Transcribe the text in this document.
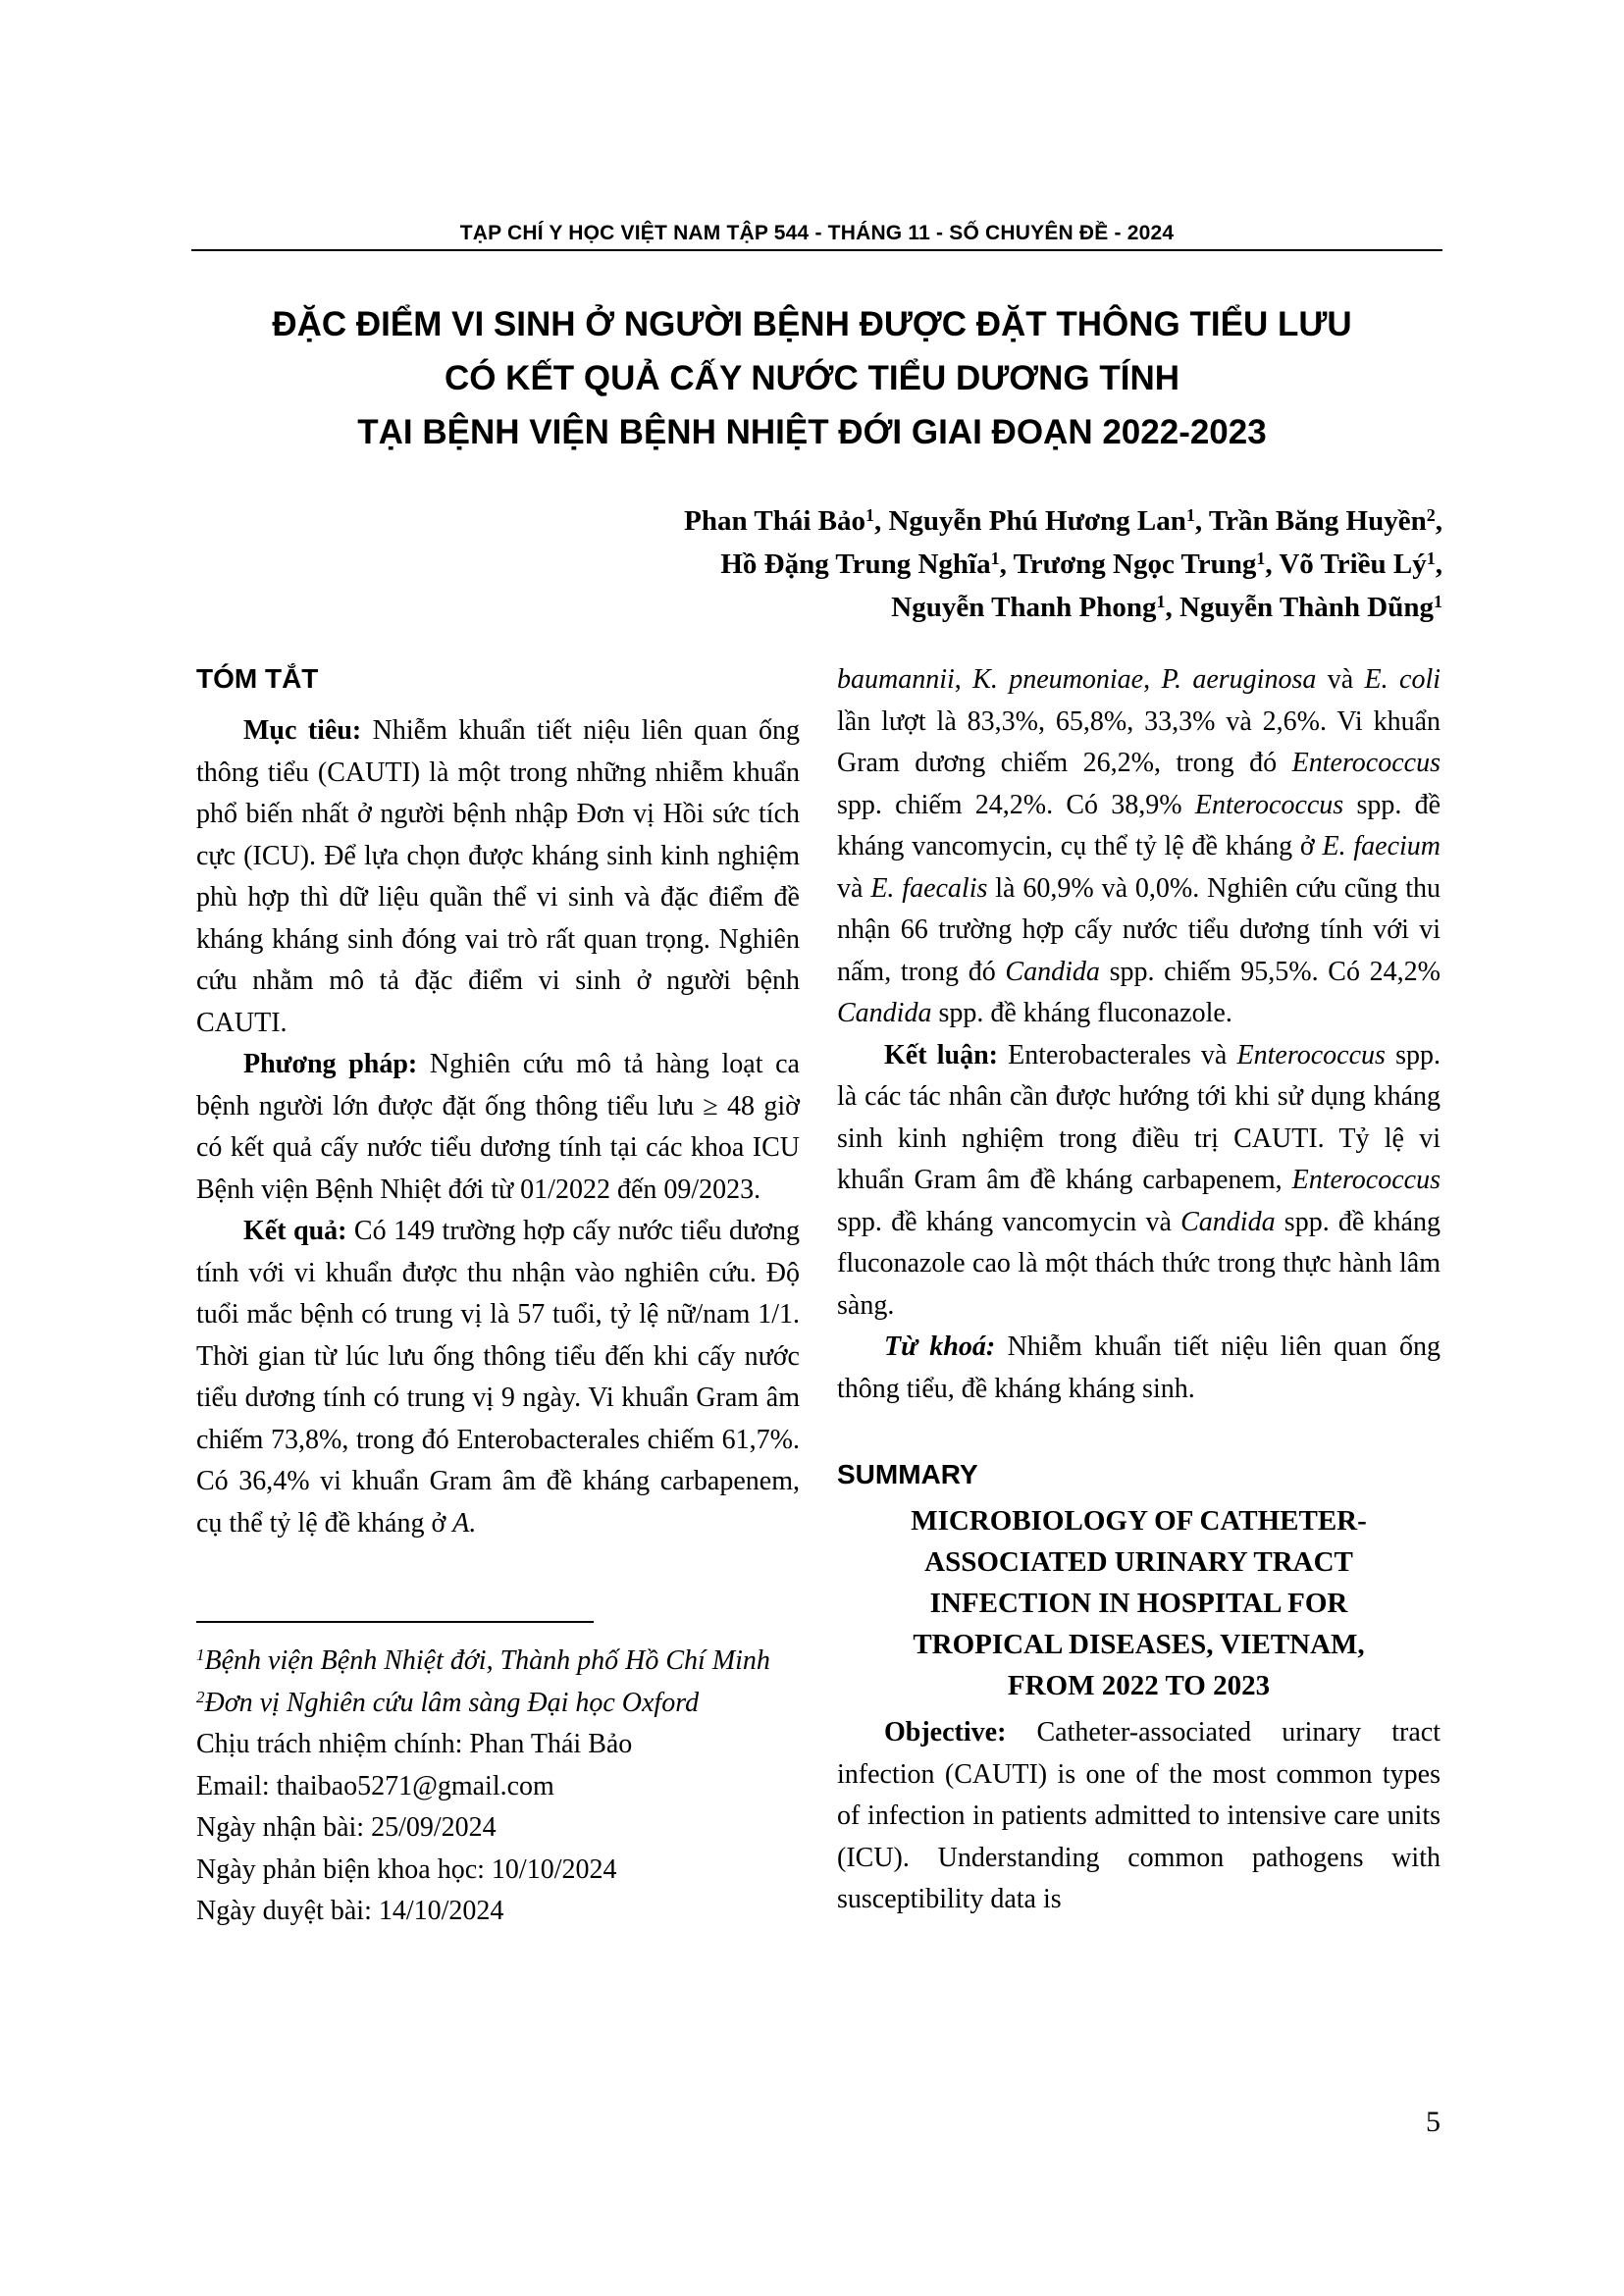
TẠP CHÍ Y HỌC VIỆT NAM TẬP 544 - THÁNG 11 - SỐ CHUYÊN ĐỀ - 2024
ĐẶC ĐIỂM VI SINH Ở NGƯỜI BỆNH ĐƯỢC ĐẶT THÔNG TIỂU LƯU
CÓ KẾT QUẢ CẤY NƯỚC TIỂU DƯƠNG TÍNH
TẠI BỆNH VIỆN BỆNH NHIỆT ĐỚI GIAI ĐOẠN 2022-2023
Phan Thái Bảo$^1$, Nguyễn Phú Hương Lan$^1$, Trần Băng Huyền$^2$,
Hồ Đặng Trung Nghĩa$^1$, Trương Ngọc Trung$^1$, Võ Triều $Lý^1$,
Nguyễn Thanh Phong$^1$, Nguyễn Thành Dũng$^1$
TÓM TẮT

Mục tiêu: Nhiễm khuẩn tiết niệu liên quan ống thông tiểu (CAUTI) là một trong những nhiễm khuẩn phổ biến nhất ở người bệnh nhập Đơn vị Hồi sức tích cực (ICU). Để lựa chọn được kháng sinh kinh nghiệm phù hợp thì dữ liệu quần thể vi sinh và đặc điểm đề kháng kháng sinh đóng vai trò rất quan trọng. Nghiên cứu nhằm mô tả đặc điểm vi sinh ở người bệnh CAUTI.

Phương pháp: Nghiên cứu mô tả hàng loạt ca bệnh người lớn được đặt ống thông tiểu lưu ≥ 48 giờ có kết quả cấy nước tiểu dương tính tại các khoa ICU Bệnh viện Bệnh Nhiệt đới từ 01/2022 đến 09/2023.

Kết quả: Có 149 trường hợp cấy nước tiểu dương tính với vi khuẩn được thu nhận vào nghiên cứu. Độ tuổi mắc bệnh có trung vị là 57 tuổi, tỷ lệ nữ/nam 1/1. Thời gian từ lúc lưu ống thông tiểu đến khi cấy nước tiểu dương tính có trung vị 9 ngày. Vi khuẩn Gram âm chiếm 73,8%, trong đó Enterobacterales chiếm 61,7%. Có 36,4% vi khuẩn Gram âm đề kháng carbapenem, cụ thể tỷ lệ đề kháng ở A.

baumannii, K. pneumoniae, P. aeruginosa và E. coli lần lượt là 83,3%, 65,8%, 33,3% và 2,6%. Vi khuẩn Gram dương chiếm 26,2%, trong đó Enterococcus spp. chiếm 24,2%. Có 38,9% Enterococcus spp. đề kháng vancomycin, cụ thể tỷ lệ đề kháng ở E. faecium và E. faecalis là 60,9% và 0,0%. Nghiên cứu cũng thu nhận 66 trường hợp cấy nước tiểu dương tính với vi nấm, trong đó Candida spp. chiếm 95,5%. Có 24,2% Candida spp. đề kháng fluconazole.

Kết luận: Enterobacterales và Enterococcus spp. là các tác nhân cần được hướng tới khi sử dụng kháng sinh kinh nghiệm trong điều trị CAUTI. Tỷ lệ vi khuẩn Gram âm đề kháng carbapenem, Enterococcus spp. đề kháng vancomycin và Candida spp. đề kháng fluconazole cao là một thách thức trong thực hành lâm sàng.

Từ khoá: Nhiễm khuẩn tiết niệu liên quan ống thông tiểu, đề kháng kháng sinh.

SUMMARY
MICROBIOLOGY OF CATHETER-
ASSOCIATED URINARY TRACT
INFECTION IN HOSPITAL FOR
TROPICAL DISEASES, VIETNAM,
FROM 2022 TO 2023

Objective: Catheter-associated urinary tract infection (CAUTI) is one of the most common types of infection in patients admitted to intensive care units (ICU). Understanding common pathogens with susceptibility data is

$^1$Bệnh viện Bệnh Nhiệt đới, Thành phố Hồ Chí Minh
$^2$Đơn vị Nghiên cứu lâm sàng Đại học Oxford
Chịu trách nhiệm chính: Phan Thái Bảo
Email: thaibao5271@gmail.com
Ngày nhận bài: 25/09/2024
Ngày phản biện khoa học: 10/10/2024
Ngày duyệt bài: 14/10/2024
5
